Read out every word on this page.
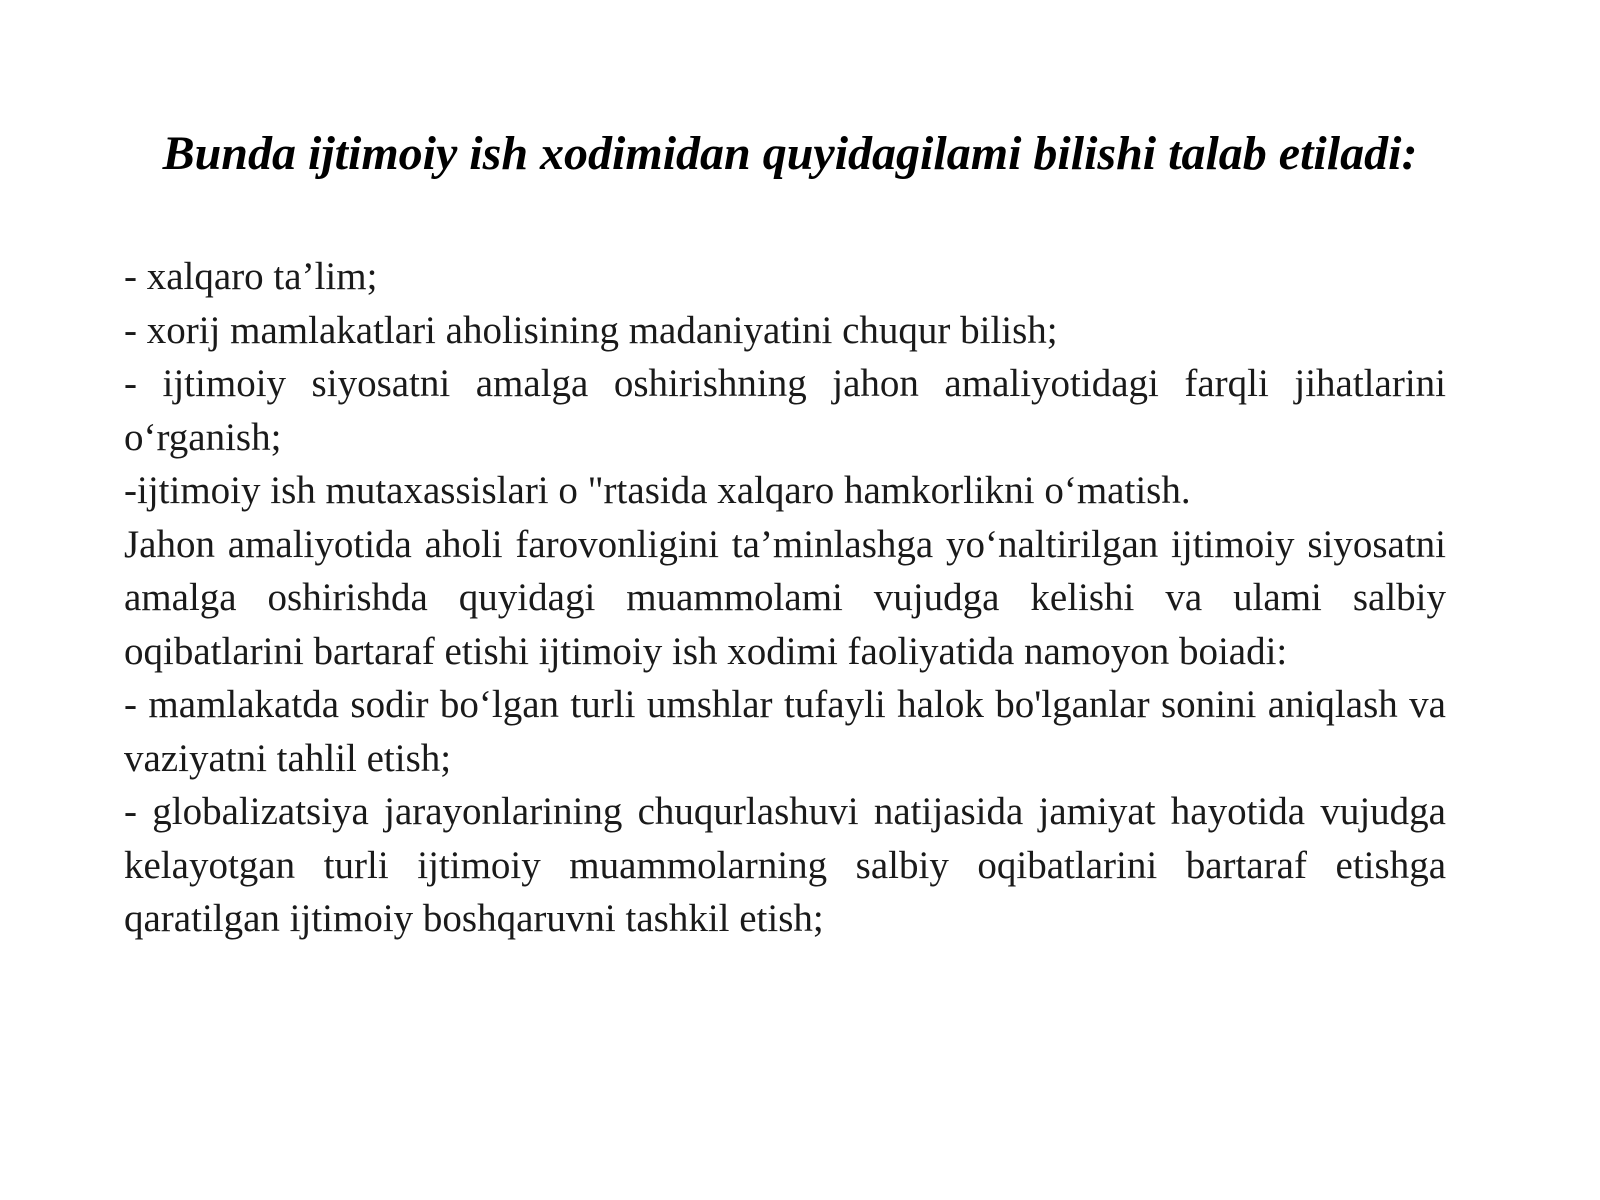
Bunda ijtimoiy ish xodimidan quyidagilami bilishi talab etiladi:

- xalqaro ta’lim;

- xorij mamlakatlari aholisining madaniyatini chuqur bilish;

- ijtimoiy siyosatni amalga oshirishning jahon amaliyotidagi farqli jihatlarini o‘rganish;

-ijtimoiy ish mutaxassislari o "rtasida xalqaro hamkorlikni o‘matish.

Jahon amaliyotida aholi farovonligini ta’minlashga yo‘naltirilgan ijtimoiy siyosatni amalga oshirishda quyidagi muammolami vujudga kelishi va ulami salbiy oqibatlarini bartaraf etishi ijtimoiy ish xodimi faoliyatida namoyon boiadi:

- mamlakatda sodir bo‘lgan turli umshlar tufayli halok bo'lganlar sonini aniqlash va vaziyatni tahlil etish;

- globalizatsiya jarayonlarining chuqurlashuvi natijasida jamiyat hayotida vujudga kelayotgan turli ijtimoiy muammolarning salbiy oqibatlarini bartaraf etishga qaratilgan ijtimoiy boshqaruvni tashkil etish;
